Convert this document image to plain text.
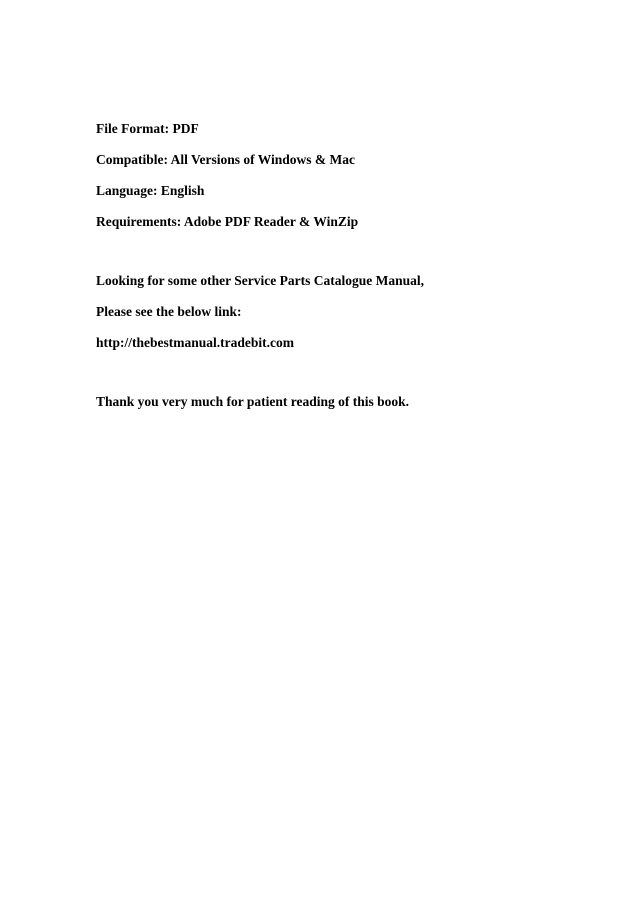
File Format: PDF

Compatible: All Versions of Windows & Mac

Language: English

Requirements: Adobe PDF Reader & WinZip

Looking for some other Service Parts Catalogue Manual,

Please see the below link:

http://thebestmanual.tradebit.com

Thank you very much for patient reading of this book.
